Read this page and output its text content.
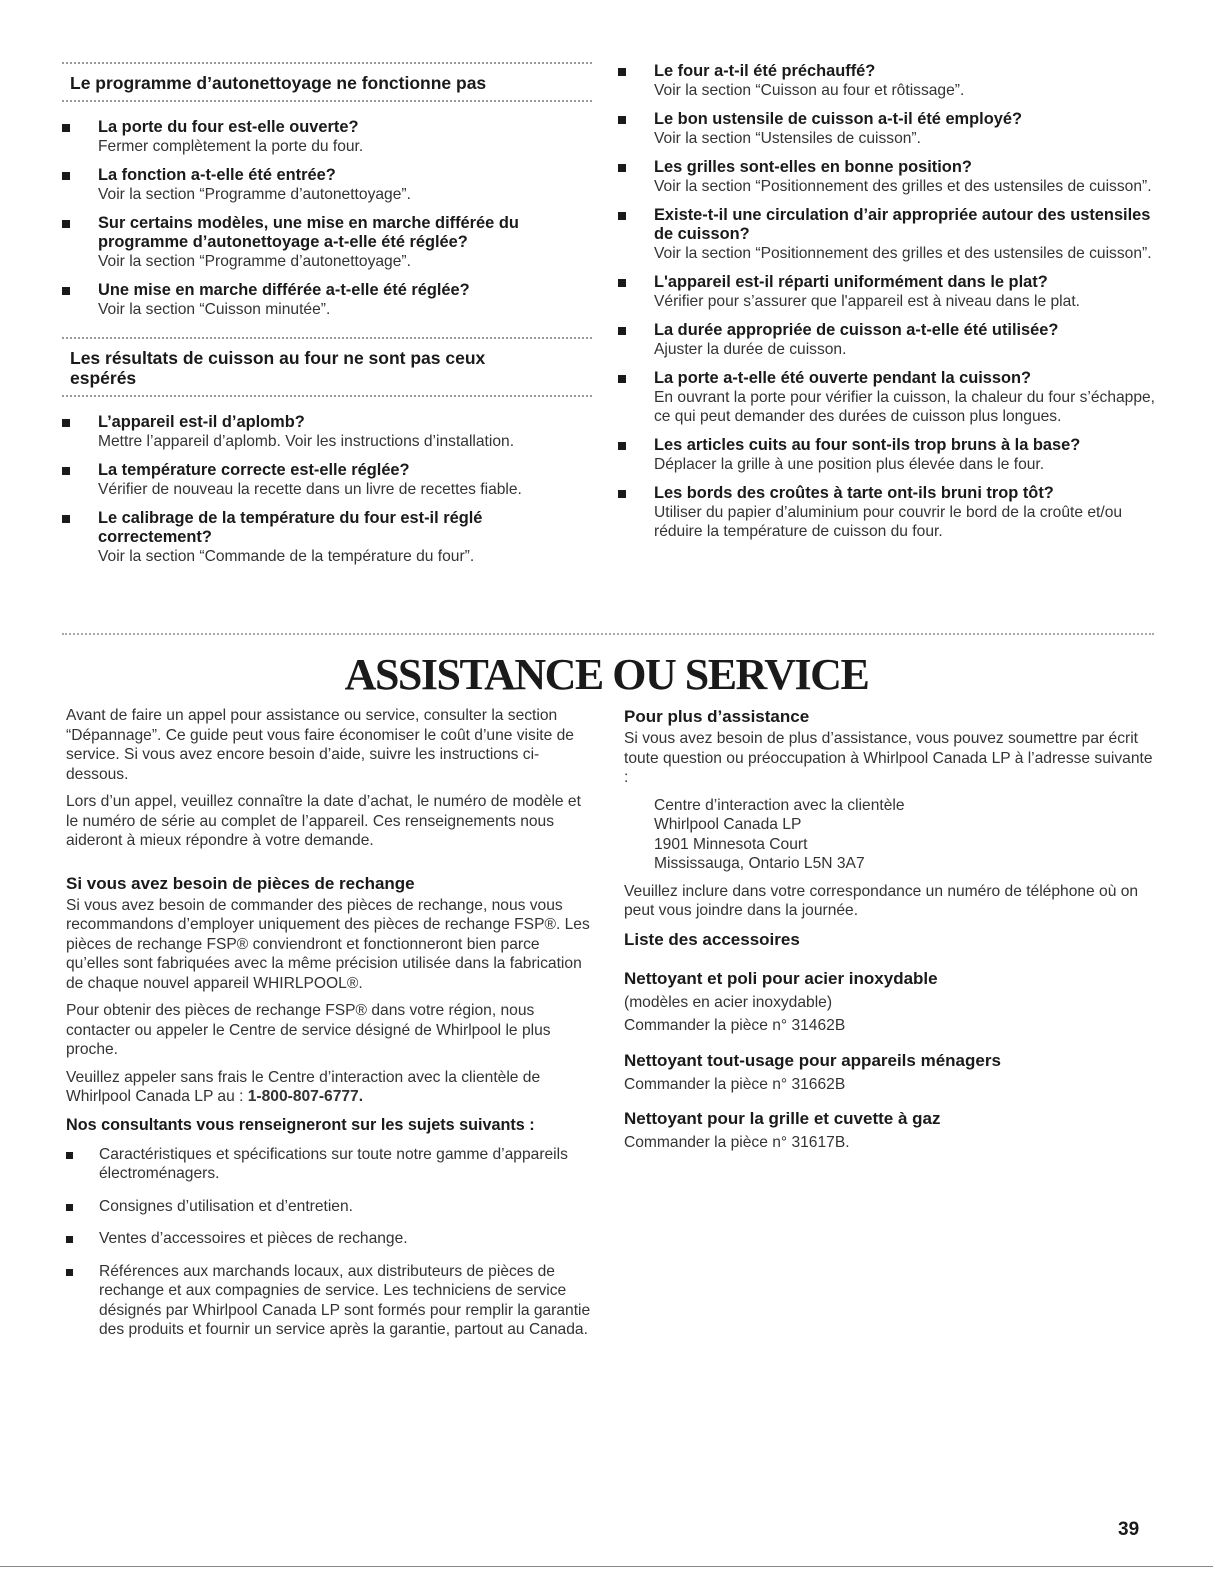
Le programme d’autonettoyage ne fonctionne pas
La porte du four est-elle ouverte?
Fermer complètement la porte du four.
La fonction a-t-elle été entrée?
Voir la section “Programme d’autonettoyage”.
Sur certains modèles, une mise en marche différée du programme d’autonettoyage a-t-elle été réglée?
Voir la section “Programme d’autonettoyage”.
Une mise en marche différée a-t-elle été réglée?
Voir la section “Cuisson minutée”.
Les résultats de cuisson au four ne sont pas ceux espérés
L’appareil est-il d’aplomb?
Mettre l’appareil d’aplomb. Voir les instructions d’installation.
La température correcte est-elle réglée?
Vérifier de nouveau la recette dans un livre de recettes fiable.
Le calibrage de la température du four est-il réglé correctement?
Voir la section “Commande de la température du four”.
Le four a-t-il été préchauffé?
Voir la section “Cuisson au four et rôtissage”.
Le bon ustensile de cuisson a-t-il été employé?
Voir la section “Ustensiles de cuisson”.
Les grilles sont-elles en bonne position?
Voir la section “Positionnement des grilles et des ustensiles de cuisson”.
Existe-t-il une circulation d’air appropriée autour des ustensiles de cuisson?
Voir la section “Positionnement des grilles et des ustensiles de cuisson”.
L'appareil est-il réparti uniformément dans le plat?
Vérifier pour s’assurer que l'appareil est à niveau dans le plat.
La durée appropriée de cuisson a-t-elle été utilisée?
Ajuster la durée de cuisson.
La porte a-t-elle été ouverte pendant la cuisson?
En ouvrant la porte pour vérifier la cuisson, la chaleur du four s’échappe, ce qui peut demander des durées de cuisson plus longues.
Les articles cuits au four sont-ils trop bruns à la base?
Déplacer la grille à une position plus élevée dans le four.
Les bords des croûtes à tarte ont-ils bruni trop tôt?
Utiliser du papier d’aluminium pour couvrir le bord de la croûte et/ou réduire la température de cuisson du four.
ASSISTANCE OU SERVICE

Avant de faire un appel pour assistance ou service, consulter la section “Dépannage”. Ce guide peut vous faire économiser le coût d’une visite de service. Si vous avez encore besoin d’aide, suivre les instructions ci-dessous.

Lors d’un appel, veuillez connaître la date d’achat, le numéro de modèle et le numéro de série au complet de l’appareil. Ces renseignements nous aideront à mieux répondre à votre demande.

Si vous avez besoin de pièces de rechange

Si vous avez besoin de commander des pièces de rechange, nous vous recommandons d’employer uniquement des pièces de rechange FSP®. Les pièces de rechange FSP® conviendront et fonctionneront bien parce qu’elles sont fabriquées avec la même précision utilisée dans la fabrication de chaque nouvel appareil WHIRLPOOL®.

Pour obtenir des pièces de rechange FSP® dans votre région, nous contacter ou appeler le Centre de service désigné de Whirlpool le plus proche.

Veuillez appeler sans frais le Centre d’interaction avec la clientèle de Whirlpool Canada LP au : 1-800-807-6777.

Nos consultants vous renseigneront sur les sujets suivants :
Caractéristiques et spécifications sur toute notre gamme d’appareils électroménagers.
Consignes d’utilisation et d’entretien.
Ventes d’accessoires et pièces de rechange.
Références aux marchands locaux, aux distributeurs de pièces de rechange et aux compagnies de service. Les techniciens de service désignés par Whirlpool Canada LP sont formés pour remplir la garantie des produits et fournir un service après la garantie, partout au Canada.
Pour plus d’assistance

Si vous avez besoin de plus d’assistance, vous pouvez soumettre par écrit toute question ou préoccupation à Whirlpool Canada LP à l’adresse suivante :

Centre d’interaction avec la clientèle
Whirlpool Canada LP
1901 Minnesota Court
Mississauga, Ontario L5N 3A7

Veuillez inclure dans votre correspondance un numéro de téléphone où on peut vous joindre dans la journée.

Liste des accessoires
Nettoyant et poli pour acier inoxydable

(modèles en acier inoxydable)

Commander la pièce n° 31462B

Nettoyant tout-usage pour appareils ménagers

Commander la pièce n° 31662B

Nettoyant pour la grille et cuvette à gaz

Commander la pièce n° 31617B.

39
